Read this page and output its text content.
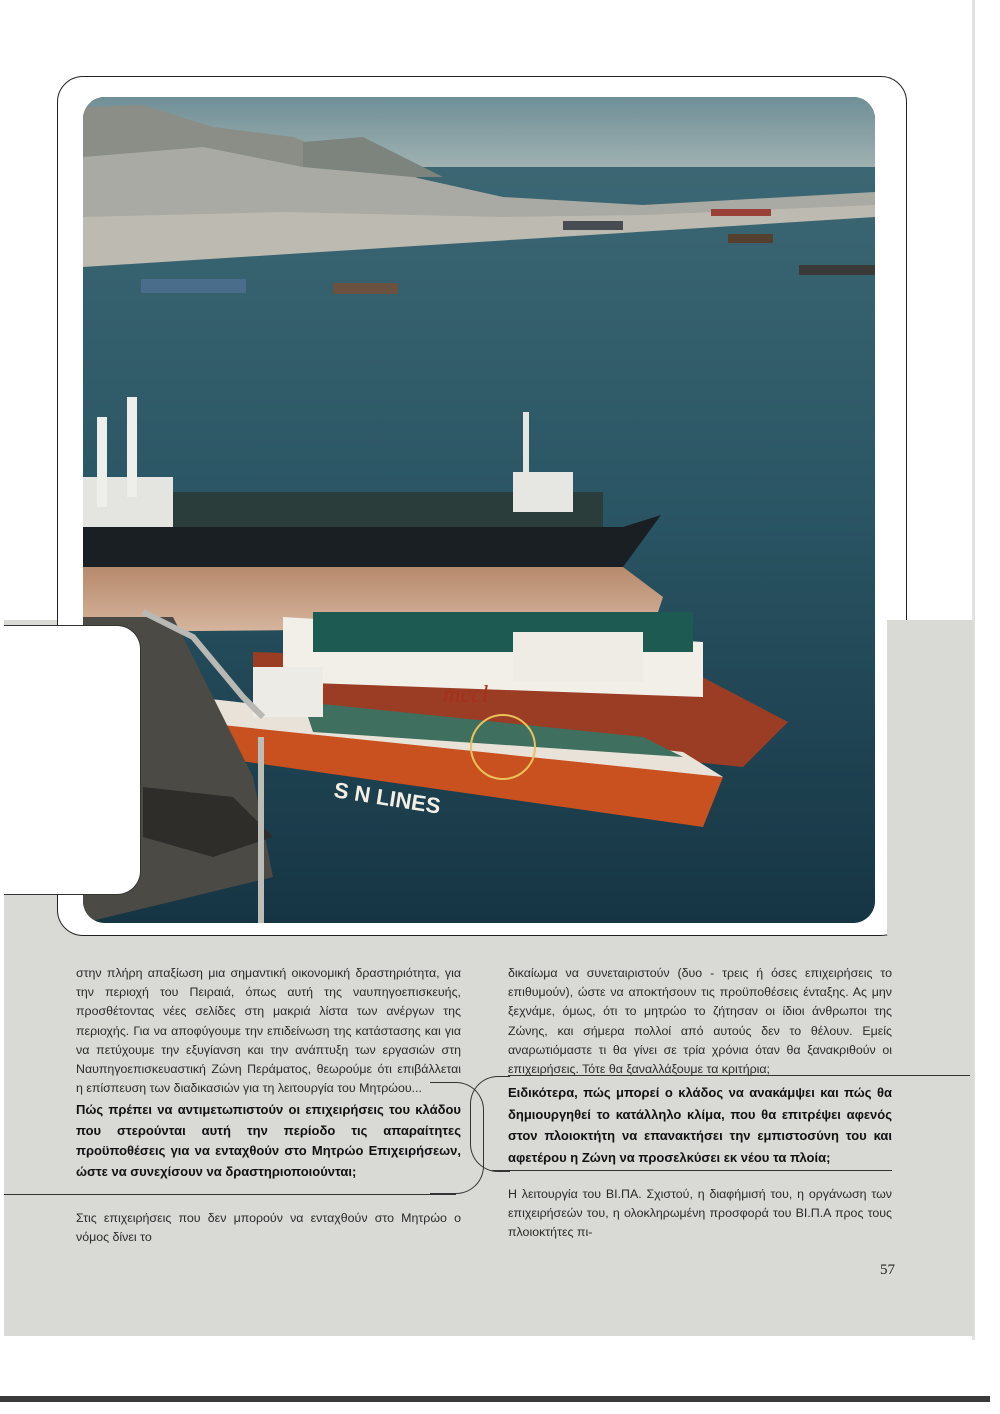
mccl
S N LINES

στην πλήρη απαξίωση μια σημαντική οικονομική δραστηριότητα, για την περιοχή του Πειραιά, όπως αυτή της ναυπηγοεπισκευής, προσθέτοντας νέες σελίδες στη μακριά λίστα των ανέργων της περιοχής. Για να αποφύγουμε την επιδείνωση της κατάστασης και για να πετύχουμε την εξυγίανση και την ανάπτυξη των εργασιών στη Ναυπηγοεπισκευαστική Ζώνη Περάματος, θεωρούμε ότι επιβάλλεται η επίσπευση των διαδικασιών για τη λειτουργία του Μητρώου...

Πώς πρέπει να αντιμετωπιστούν οι επιχειρήσεις του κλάδου που στερούνται αυτή την περίοδο τις απαραίτητες προϋποθέσεις για να ενταχθούν στο Μητρώο Επιχειρήσεων, ώστε να συνεχίσουν να δραστηριοποιούνται;

Στις επιχειρήσεις που δεν μπορούν να ενταχθούν στο Μητρώο ο νόμος δίνει το

δικαίωμα να συνεταιριστούν (δυο - τρεις ή όσες επιχειρήσεις το επιθυμούν), ώστε να αποκτήσουν τις προϋποθέσεις ένταξης. Ας μην ξεχνάμε, όμως, ότι το μητρώο το ζήτησαν οι ίδιοι άνθρωποι της Ζώνης, και σήμερα πολλοί από αυτούς δεν το θέλουν. Εμείς αναρωτιόμαστε τι θα γίνει σε τρία χρόνια όταν θα ξανακριθούν οι επιχειρήσεις. Τότε θα ξαναλλάξουμε τα κριτήρια;

Ειδικότερα, πώς μπορεί ο κλάδος να ανακάμψει και πώς θα δημιουργηθεί το κατάλληλο κλίμα, που θα επιτρέψει αφενός στον πλοιοκτήτη να επανακτήσει την εμπιστοσύνη του και αφετέρου η Ζώνη να προσελκύσει εκ νέου τα πλοία;

Η λειτουργία του ΒΙ.ΠΑ. Σχιστού, η διαφήμισή του, η οργάνωση των επιχειρήσεών του, η ολοκληρωμένη προσφορά του ΒΙ.Π.Α προς τους πλοιοκτήτες πι-

57
